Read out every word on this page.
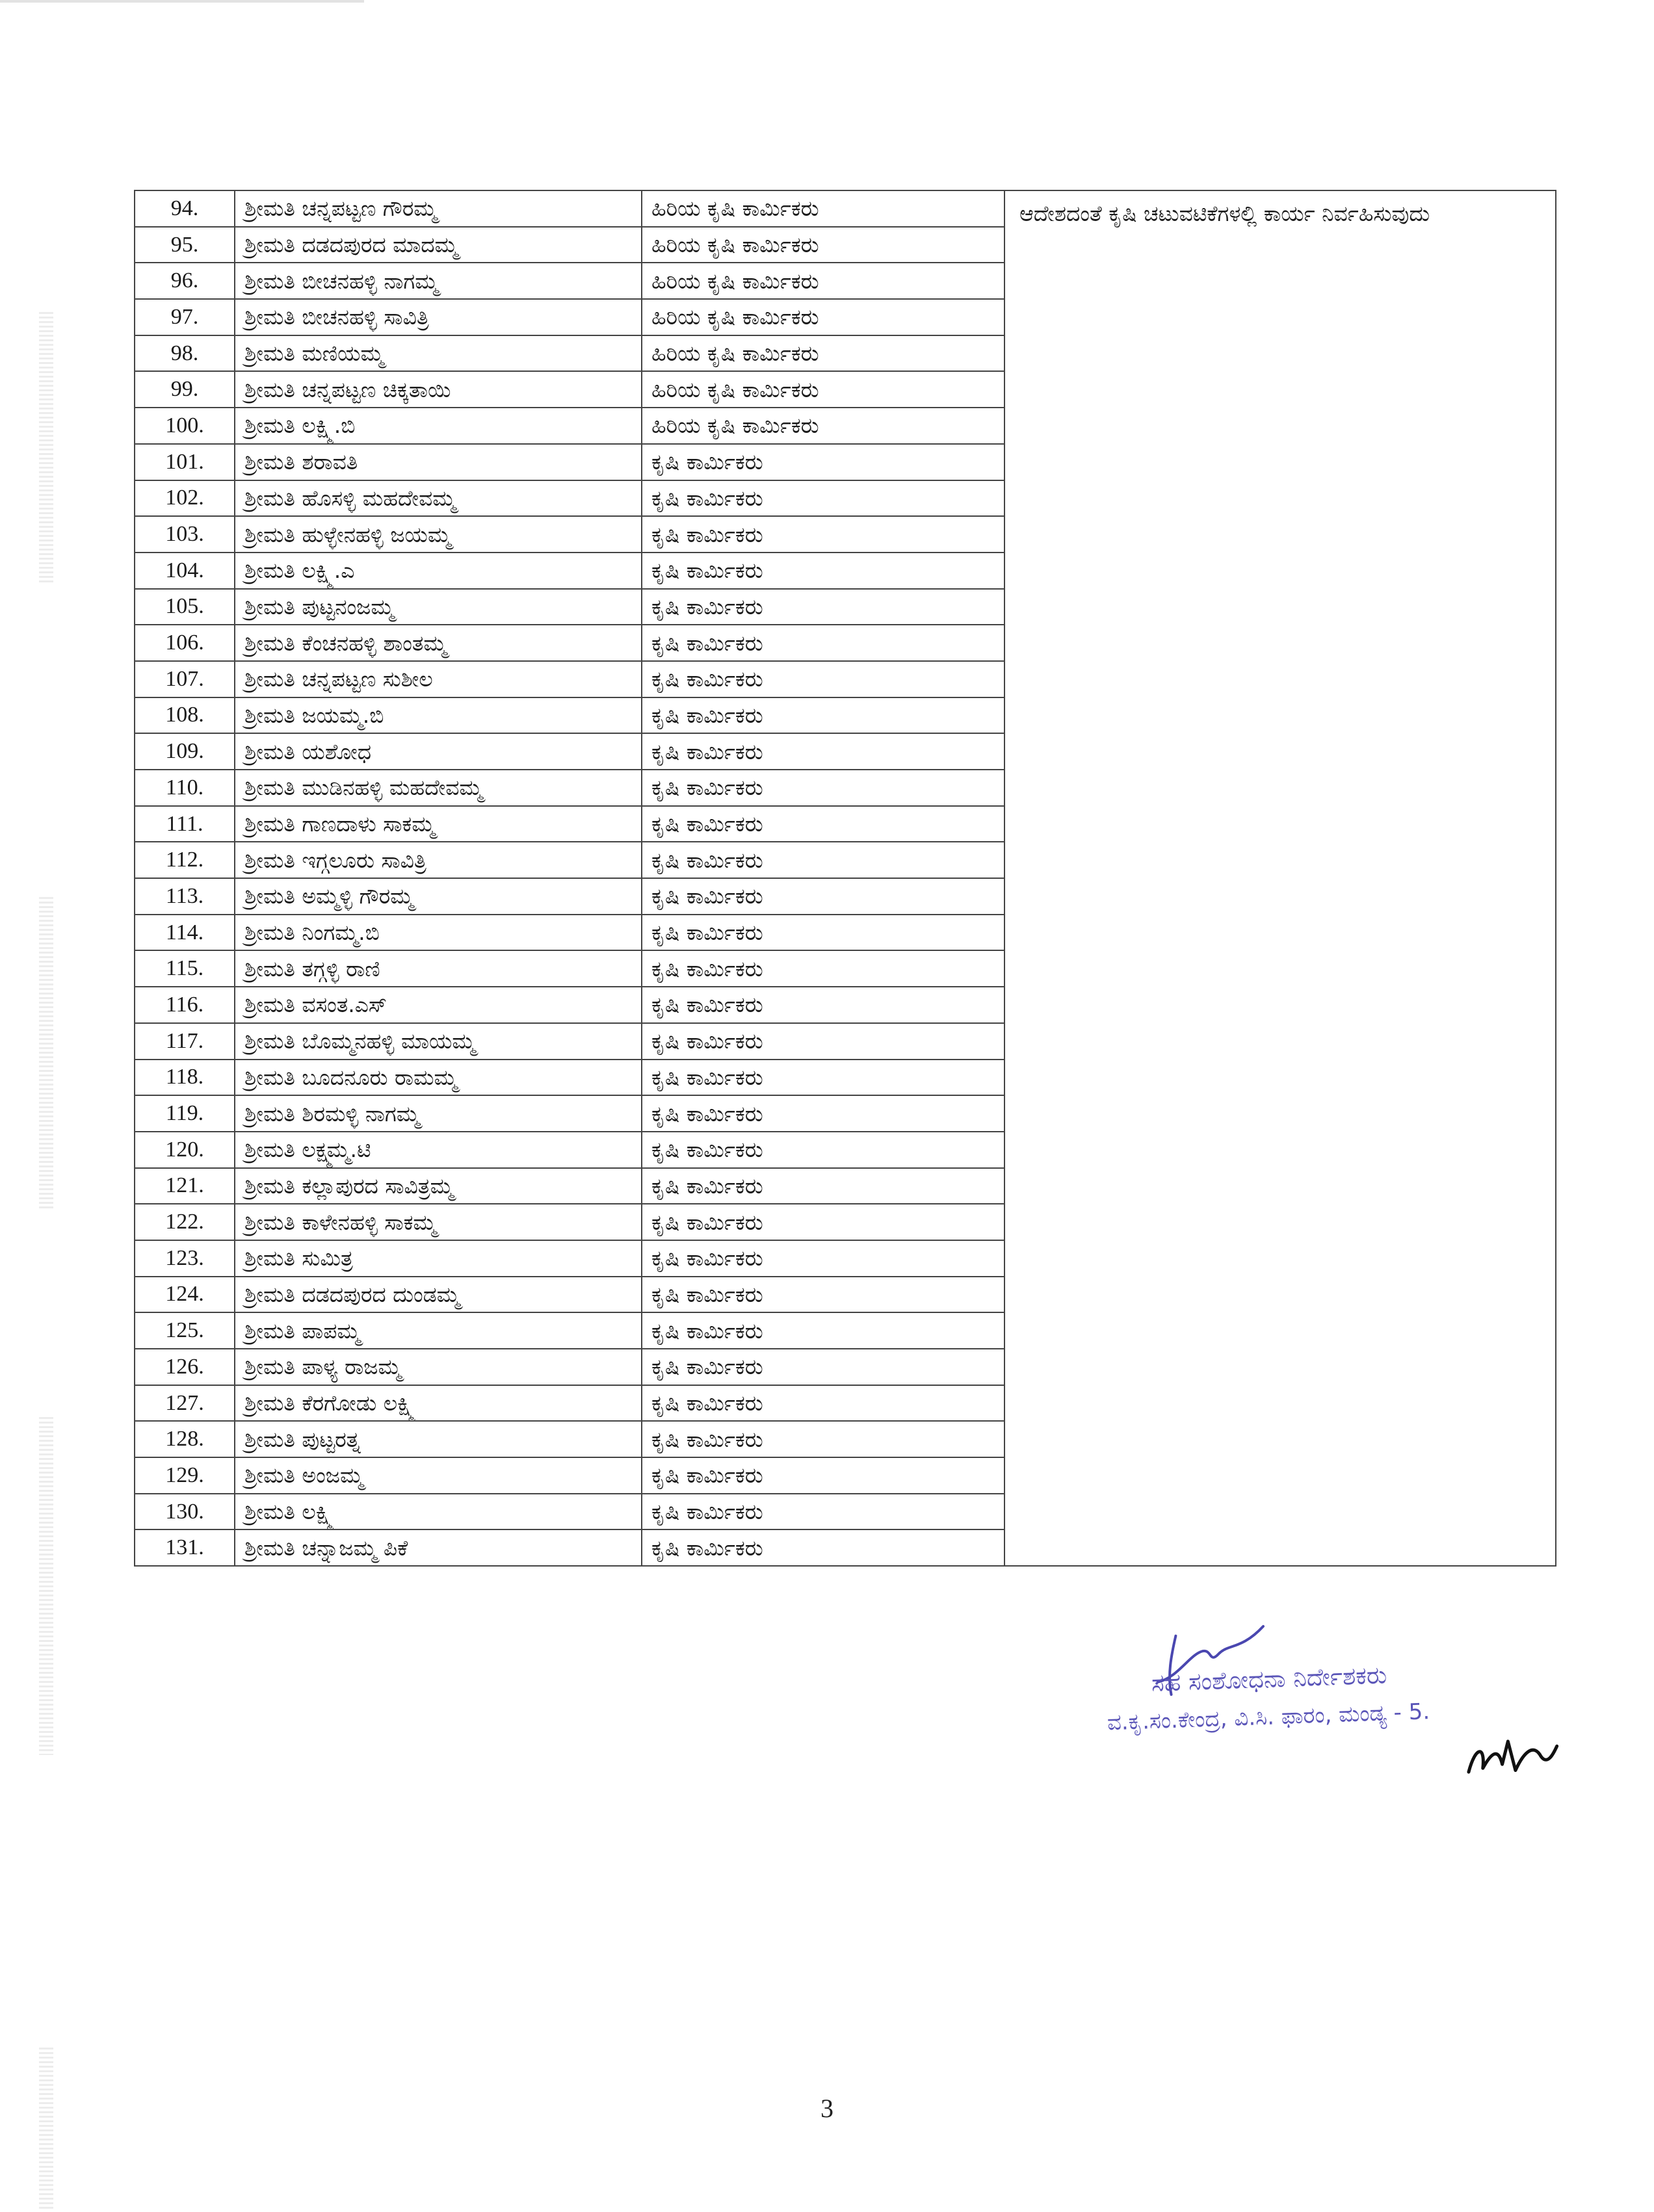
94.	ಶ್ರೀಮತಿ ಚನ್ನಪಟ್ಟಣ ಗೌರಮ್ಮ	ಹಿರಿಯ ಕೃಷಿ ಕಾರ್ಮಿಕರು	ಆದೇಶದಂತೆ ಕೃಷಿ ಚಟುವಟಿಕೆಗಳಲ್ಲಿ ಕಾರ್ಯ ನಿರ್ವಹಿಸುವುದು
95.	ಶ್ರೀಮತಿ ದಡದಪುರದ ಮಾದಮ್ಮ	ಹಿರಿಯ ಕೃಷಿ ಕಾರ್ಮಿಕರು	
96.	ಶ್ರೀಮತಿ ಬೀಚನಹಳ್ಳಿ ನಾಗಮ್ಮ	ಹಿರಿಯ ಕೃಷಿ ಕಾರ್ಮಿಕರು	
97.	ಶ್ರೀಮತಿ ಬೀಚನಹಳ್ಳಿ ಸಾವಿತ್ರಿ	ಹಿರಿಯ ಕೃಷಿ ಕಾರ್ಮಿಕರು	
98.	ಶ್ರೀಮತಿ ಮಣಿಯಮ್ಮ	ಹಿರಿಯ ಕೃಷಿ ಕಾರ್ಮಿಕರು	
99.	ಶ್ರೀಮತಿ ಚನ್ನಪಟ್ಟಣ ಚಿಕ್ಕತಾಯಿ	ಹಿರಿಯ ಕೃಷಿ ಕಾರ್ಮಿಕರು	
100.	ಶ್ರೀಮತಿ ಲಕ್ಷ್ಮಿ.ಬಿ	ಹಿರಿಯ ಕೃಷಿ ಕಾರ್ಮಿಕರು	
101.	ಶ್ರೀಮತಿ ಶರಾವತಿ	ಕೃಷಿ ಕಾರ್ಮಿಕರು	
102.	ಶ್ರೀಮತಿ ಹೊಸಳ್ಳಿ ಮಹದೇವಮ್ಮ	ಕೃಷಿ ಕಾರ್ಮಿಕರು	
103.	ಶ್ರೀಮತಿ ಹುಳ್ಳೇನಹಳ್ಳಿ ಜಯಮ್ಮ	ಕೃಷಿ ಕಾರ್ಮಿಕರು	
104.	ಶ್ರೀಮತಿ ಲಕ್ಷ್ಮಿ.ಎ	ಕೃಷಿ ಕಾರ್ಮಿಕರು	
105.	ಶ್ರೀಮತಿ ಪುಟ್ಟನಂಜಮ್ಮ	ಕೃಷಿ ಕಾರ್ಮಿಕರು	
106.	ಶ್ರೀಮತಿ ಕೆಂಚನಹಳ್ಳಿ ಶಾಂತಮ್ಮ	ಕೃಷಿ ಕಾರ್ಮಿಕರು	
107.	ಶ್ರೀಮತಿ ಚನ್ನಪಟ್ಟಣ ಸುಶೀಲ	ಕೃಷಿ ಕಾರ್ಮಿಕರು	
108.	ಶ್ರೀಮತಿ ಜಯಮ್ಮ.ಬಿ	ಕೃಷಿ ಕಾರ್ಮಿಕರು	
109.	ಶ್ರೀಮತಿ ಯಶೋಧ	ಕೃಷಿ ಕಾರ್ಮಿಕರು	
110.	ಶ್ರೀಮತಿ ಮುಡಿನಹಳ್ಳಿ ಮಹದೇವಮ್ಮ	ಕೃಷಿ ಕಾರ್ಮಿಕರು	
111.	ಶ್ರೀಮತಿ ಗಾಣದಾಳು ಸಾಕಮ್ಮ	ಕೃಷಿ ಕಾರ್ಮಿಕರು	
112.	ಶ್ರೀಮತಿ ಇಗ್ಗಲೂರು ಸಾವಿತ್ರಿ	ಕೃಷಿ ಕಾರ್ಮಿಕರು	
113.	ಶ್ರೀಮತಿ ಅಮ್ಮಳ್ಳಿ ಗೌರಮ್ಮ	ಕೃಷಿ ಕಾರ್ಮಿಕರು	
114.	ಶ್ರೀಮತಿ ನಿಂಗಮ್ಮ.ಬಿ	ಕೃಷಿ ಕಾರ್ಮಿಕರು	
115.	ಶ್ರೀಮತಿ ತಗ್ಗಳ್ಳಿ ರಾಣಿ	ಕೃಷಿ ಕಾರ್ಮಿಕರು	
116.	ಶ್ರೀಮತಿ ವಸಂತ.ಎಸ್	ಕೃಷಿ ಕಾರ್ಮಿಕರು	
117.	ಶ್ರೀಮತಿ ಬೊಮ್ಮನಹಳ್ಳಿ ಮಾಯಮ್ಮ	ಕೃಷಿ ಕಾರ್ಮಿಕರು	
118.	ಶ್ರೀಮತಿ ಬೂದನೂರು ರಾಮಮ್ಮ	ಕೃಷಿ ಕಾರ್ಮಿಕರು	
119.	ಶ್ರೀಮತಿ ಶಿರಮಳ್ಳಿ ನಾಗಮ್ಮ	ಕೃಷಿ ಕಾರ್ಮಿಕರು	
120.	ಶ್ರೀಮತಿ ಲಕ್ಷ್ಮಮ್ಮ.ಟಿ	ಕೃಷಿ ಕಾರ್ಮಿಕರು	
121.	ಶ್ರೀಮತಿ ಕಲ್ಲಾಪುರದ ಸಾವಿತ್ರಮ್ಮ	ಕೃಷಿ ಕಾರ್ಮಿಕರು	
122.	ಶ್ರೀಮತಿ ಕಾಳೇನಹಳ್ಳಿ ಸಾಕಮ್ಮ	ಕೃಷಿ ಕಾರ್ಮಿಕರು	
123.	ಶ್ರೀಮತಿ ಸುಮಿತ್ರ	ಕೃಷಿ ಕಾರ್ಮಿಕರು	
124.	ಶ್ರೀಮತಿ ದಡದಪುರದ ದುಂಡಮ್ಮ	ಕೃಷಿ ಕಾರ್ಮಿಕರು	
125.	ಶ್ರೀಮತಿ ಪಾಪಮ್ಮ	ಕೃಷಿ ಕಾರ್ಮಿಕರು	
126.	ಶ್ರೀಮತಿ ಪಾಳ್ಯ ರಾಜಮ್ಮ	ಕೃಷಿ ಕಾರ್ಮಿಕರು	
127.	ಶ್ರೀಮತಿ ಕೆರಗೋಡು ಲಕ್ಷ್ಮಿ	ಕೃಷಿ ಕಾರ್ಮಿಕರು	
128.	ಶ್ರೀಮತಿ ಪುಟ್ಟರತ್ನ	ಕೃಷಿ ಕಾರ್ಮಿಕರು	
129.	ಶ್ರೀಮತಿ ಅಂಜಮ್ಮ	ಕೃಷಿ ಕಾರ್ಮಿಕರು	
130.	ಶ್ರೀಮತಿ ಲಕ್ಷ್ಮಿ	ಕೃಷಿ ಕಾರ್ಮಿಕರು	
131.	ಶ್ರೀಮತಿ ಚನ್ನಾಜಮ್ಮ ಪಿಕೆ	ಕೃಷಿ ಕಾರ್ಮಿಕರು	
ಸಹ ಸಂಶೋಧನಾ ನಿರ್ದೇಶಕರು
ವ.ಕೃ.ಸಂ.ಕೇಂದ್ರ, ವಿ.ಸಿ. ಫಾರಂ, ಮಂಡ್ಯ - 5.
3
